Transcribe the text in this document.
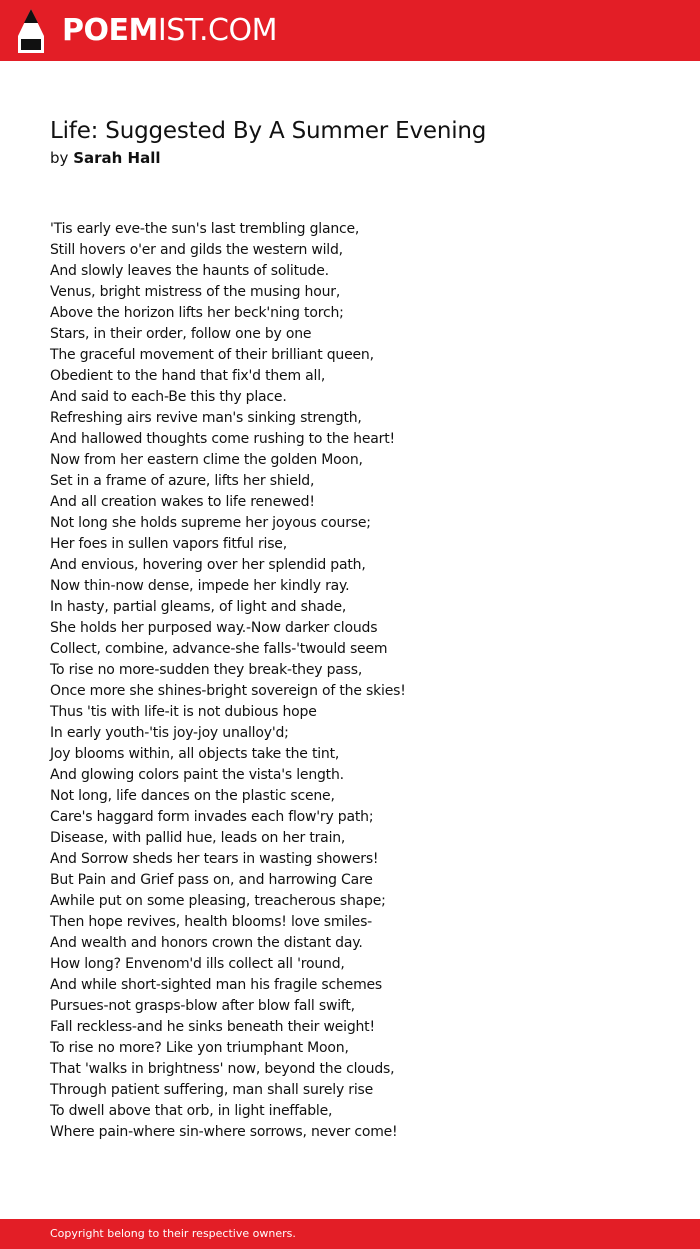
POEMIST.COM
Life: Suggested By A Summer Evening
by Sarah Hall
'Tis early eve-the sun's last trembling glance,
Still hovers o'er and gilds the western wild,
And slowly leaves the haunts of solitude.
Venus, bright mistress of the musing hour,
Above the horizon lifts her beck'ning torch;
Stars, in their order, follow one by one
The graceful movement of their brilliant queen,
Obedient to the hand that fix'd them all,
And said to each-Be this thy place.
Refreshing airs revive man's sinking strength,
And hallowed thoughts come rushing to the heart!
Now from her eastern clime the golden Moon,
Set in a frame of azure, lifts her shield,
And all creation wakes to life renewed!
Not long she holds supreme her joyous course;
Her foes in sullen vapors fitful rise,
And envious, hovering over her splendid path,
Now thin-now dense, impede her kindly ray.
In hasty, partial gleams, of light and shade,
She holds her purposed way.-Now darker clouds
Collect, combine, advance-she falls-'twould seem
To rise no more-sudden they break-they pass,
Once more she shines-bright sovereign of the skies!
Thus 'tis with life-it is not dubious hope
In early youth-'tis joy-joy unalloy'd;
Joy blooms within, all objects take the tint,
And glowing colors paint the vista's length.
Not long, life dances on the plastic scene,
Care's haggard form invades each flow'ry path;
Disease, with pallid hue, leads on her train,
And Sorrow sheds her tears in wasting showers!
But Pain and Grief pass on, and harrowing Care
Awhile put on some pleasing, treacherous shape;
Then hope revives, health blooms! love smiles-
And wealth and honors crown the distant day.
How long? Envenom'd ills collect all 'round,
And while short-sighted man his fragile schemes
Pursues-not grasps-blow after blow fall swift,
Fall reckless-and he sinks beneath their weight!
To rise no more? Like yon triumphant Moon,
That 'walks in brightness' now, beyond the clouds,
Through patient suffering, man shall surely rise
To dwell above that orb, in light ineffable,
Where pain-where sin-where sorrows, never come!
Copyright belong to their respective owners.
